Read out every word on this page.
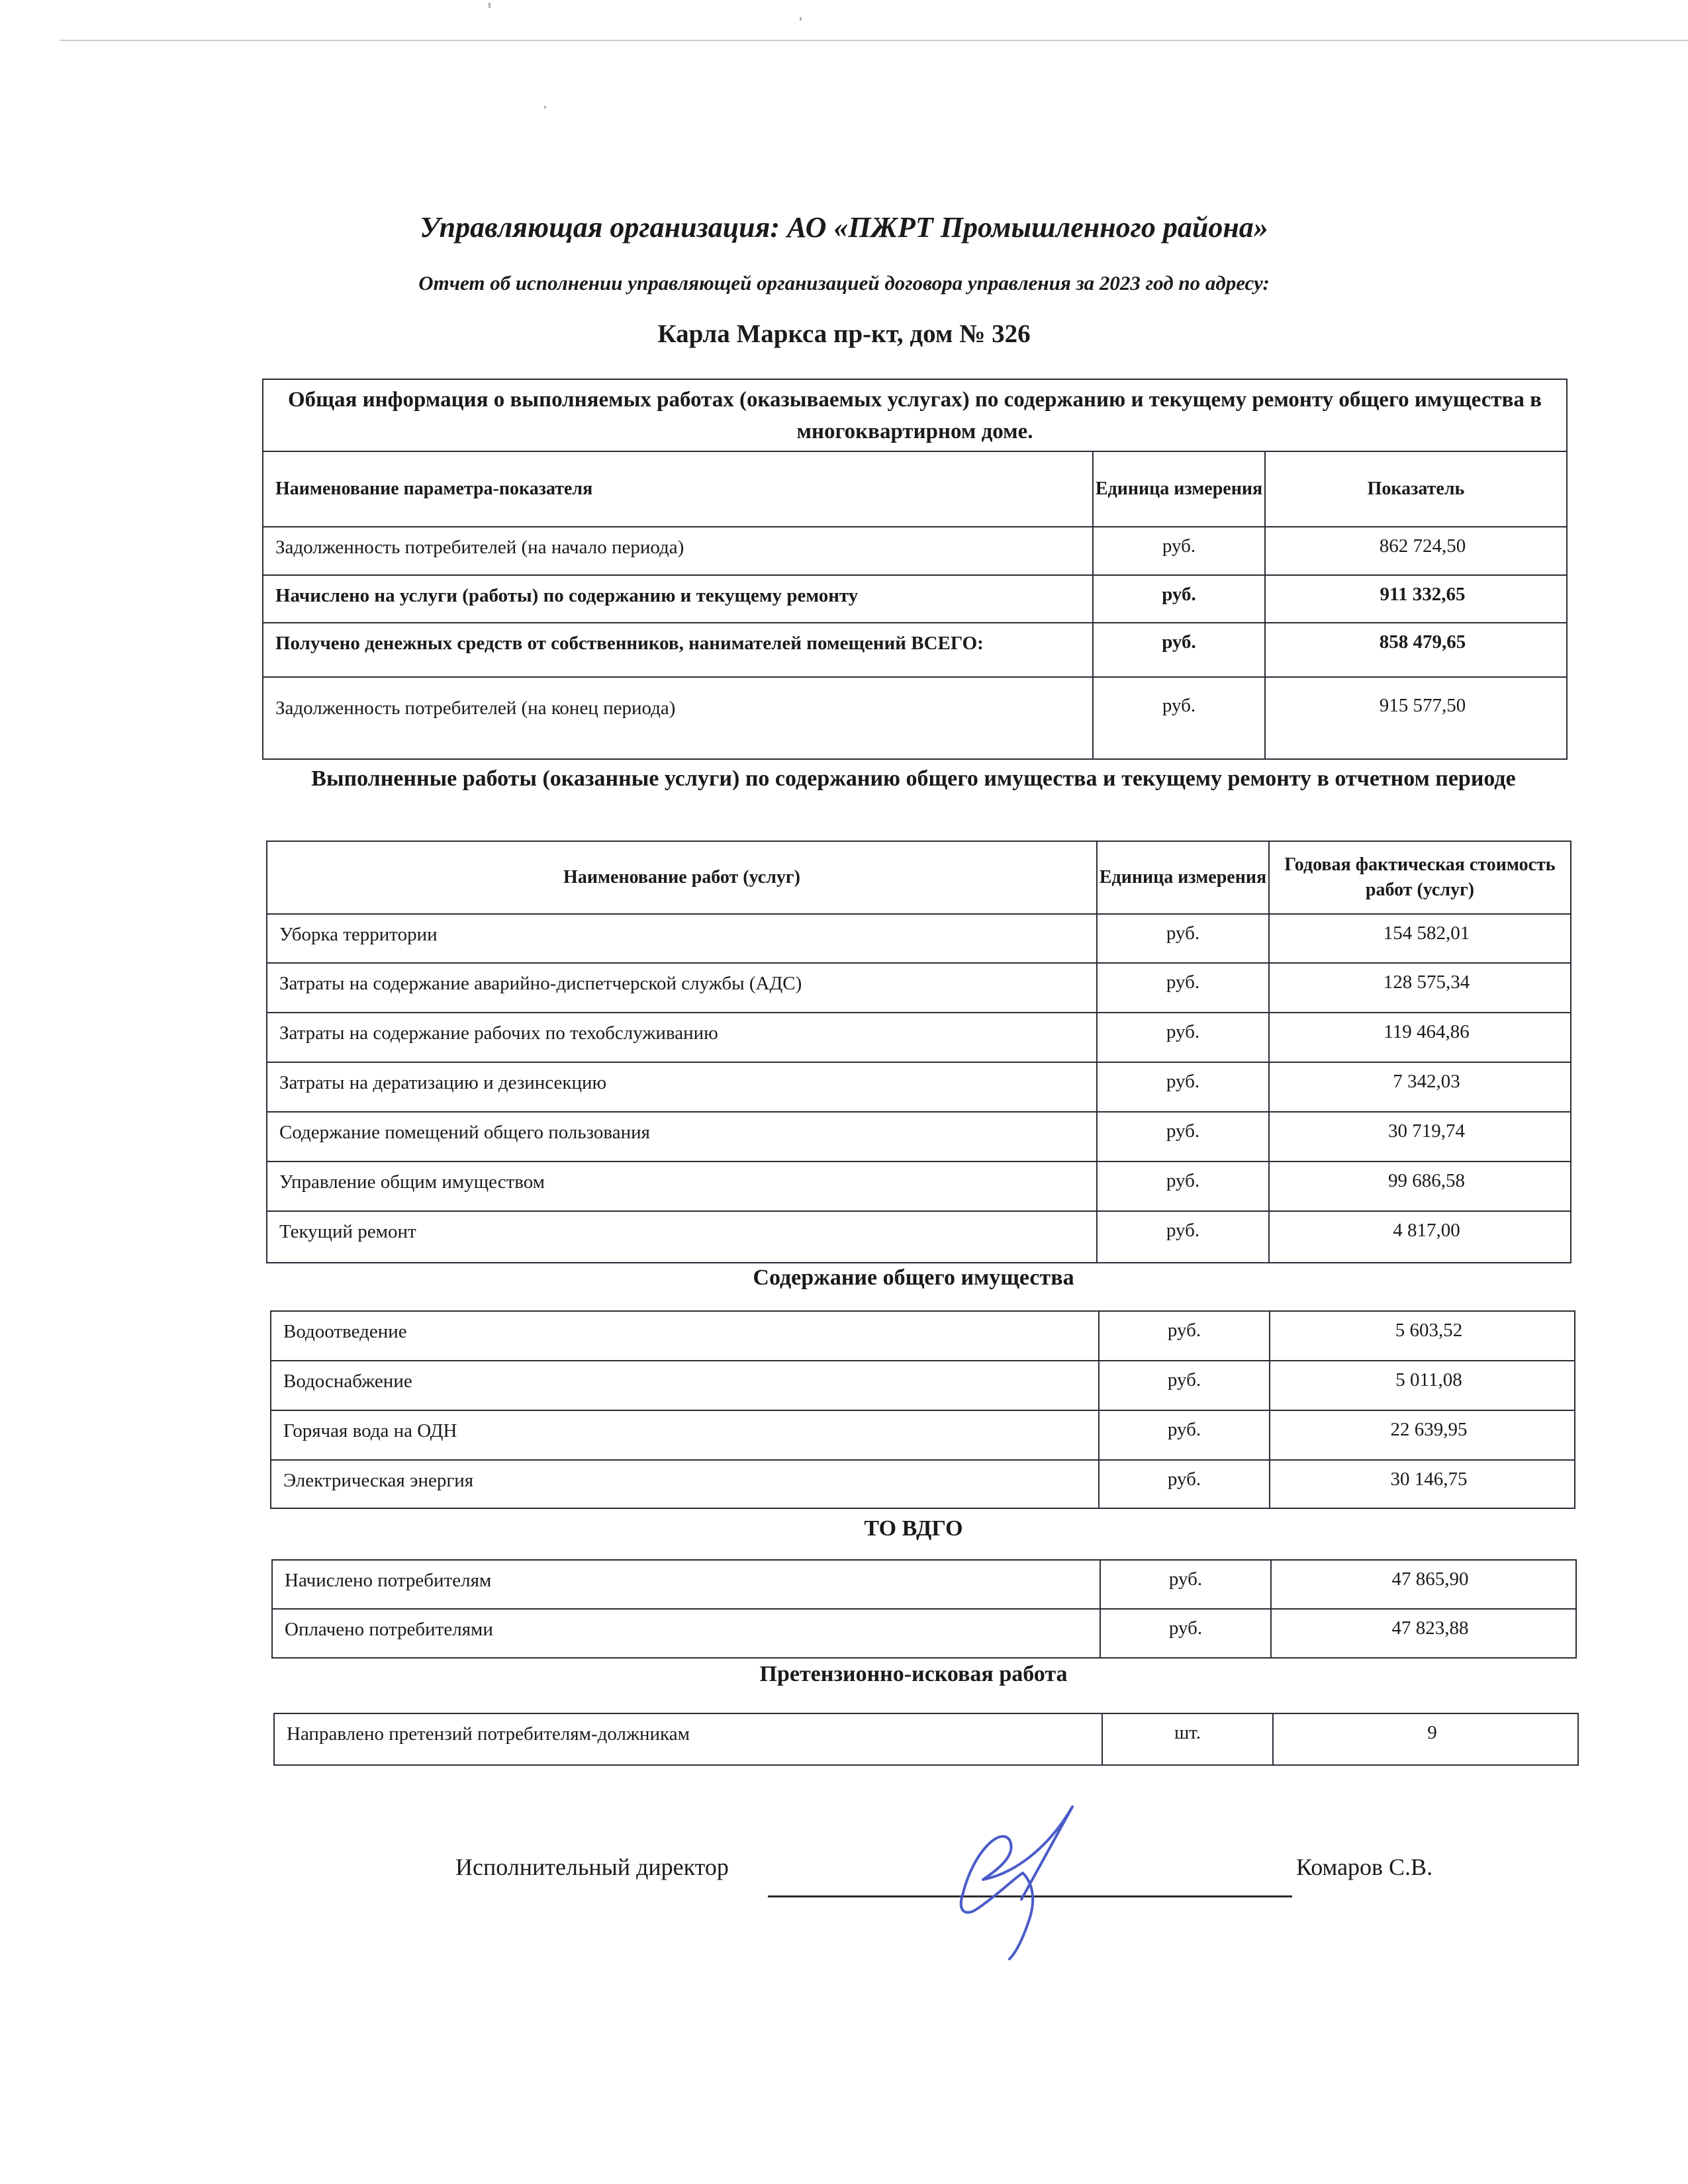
Управляющая организация: АО «ПЖРТ Промышленного района»
Отчет об исполнении управляющей организацией договора управления за 2023 год по адресу:
Карла Маркса пр-кт, дом № 326
Общая информация о выполняемых работах (оказываемых услугах) по содержанию и текущему ремонту общего имущества в многоквартирном доме.		
Наименование параметра-показателя	Единица измерения	Показатель
Задолженность потребителей (на начало периода)	руб.	862 724,50
Начислено на услуги (работы) по содержанию и текущему ремонту	руб.	911 332,65
Получено денежных средств от собственников, нанимателей помещений ВСЕГО:	руб.	858 479,65
Задолженность потребителей (на конец периода)	руб.	915 577,50
Выполненные работы (оказанные услуги) по содержанию общего имущества и текущему ремонту в отчетном периоде
Наименование работ (услуг)	Единица измерения	Годовая фактическая стоимость работ (услуг)
Уборка территории	руб.	154 582,01
Затраты на содержание аварийно-диспетчерской службы (АДС)	руб.	128 575,34
Затраты на содержание рабочих по техобслуживанию	руб.	119 464,86
Затраты на дератизацию и дезинсекцию	руб.	7 342,03
Содержание помещений общего пользования	руб.	30 719,74
Управление общим имуществом	руб.	99 686,58
Текущий ремонт	руб.	4 817,00
Содержание общего имущества
Водоотведение	руб.	5 603,52
Водоснабжение	руб.	5 011,08
Горячая вода на ОДН	руб.	22 639,95
Электрическая энергия	руб.	30 146,75
ТО ВДГО
Начислено потребителям	руб.	47 865,90
Оплачено потребителями	руб.	47 823,88
Претензионно-исковая работа
Направлено претензий потребителям-должникам	шт.	9
Исполнительный директор	Комаров С.В.
